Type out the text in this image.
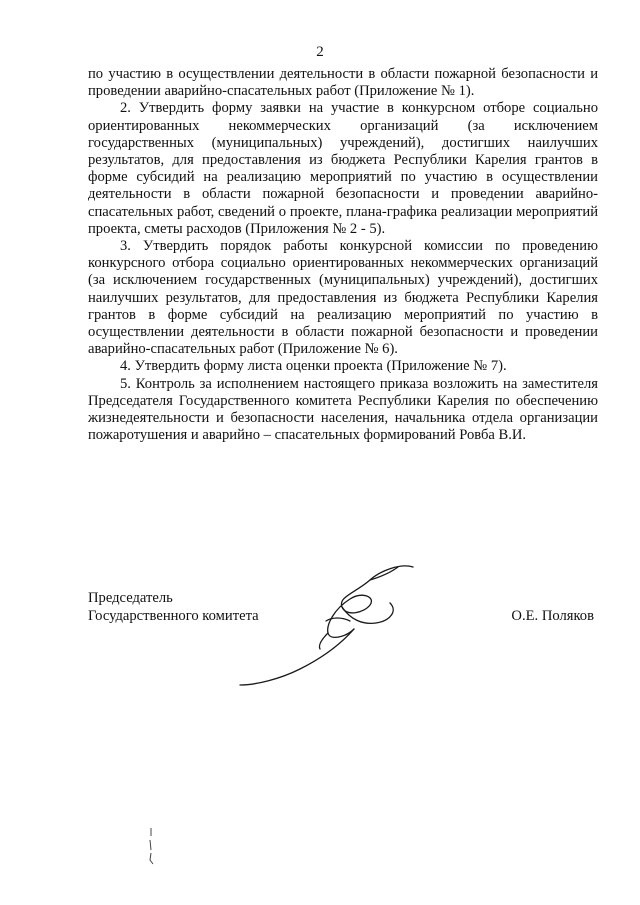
2

по участию в осуществлении деятельности в области пожарной безопасности и проведении аварийно-спасательных работ (Приложение № 1).

2. Утвердить форму заявки на участие в конкурсном отборе социально ориентированных некоммерческих организаций (за исключением государственных (муниципальных) учреждений), достигших наилучших результатов, для предоставления из бюджета Республики Карелия грантов в форме субсидий на реализацию мероприятий по участию в осуществлении деятельности в области пожарной безопасности и проведении аварийно-спасательных работ, сведений о проекте, плана-графика реализации мероприятий проекта, сметы расходов (Приложения № 2 - 5).

3. Утвердить порядок работы конкурсной комиссии по проведению конкурсного отбора социально ориентированных некоммерческих организаций (за исключением государственных (муниципальных) учреждений), достигших наилучших результатов, для предоставления из бюджета Республики Карелия грантов в форме субсидий на реализацию мероприятий по участию в осуществлении деятельности в области пожарной безопасности и проведении аварийно-спасательных работ (Приложение № 6).

4. Утвердить форму листа оценки проекта (Приложение № 7).

5. Контроль за исполнением настоящего приказа возложить на заместителя Председателя Государственного комитета Республики Карелия по обеспечению жизнедеятельности и безопасности населения, начальника отдела организации пожаротушения и аварийно – спасательных формирований Ровба В.И.

Председатель
Государственного комитета	О.Е. Поляков
